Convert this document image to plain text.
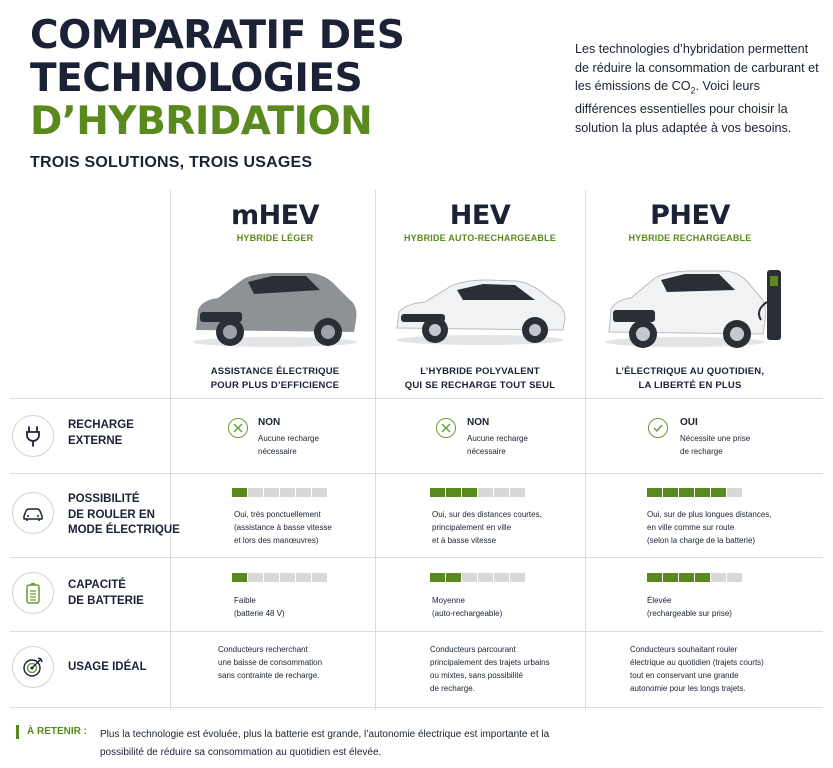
COMPARATIF DES
TECHNOLOGIES
D’HYBRIDATION
TROIS SOLUTIONS, TROIS USAGES
Les technologies d’hybridation permettent de réduire la consommation de carburant et les émissions de $CO_2$. Voici leurs différences essentielles pour choisir la solution la plus adaptée à vos besoins.
mHEV
HYBRIDE LÉGER
ASSISTANCE ÉLECTRIQUE
POUR PLUS D’EFFICIENCE
HEV
HYBRIDE AUTO-RECHARGEABLE
L’HYBRIDE POLYVALENT
QUI SE RECHARGE TOUT SEUL
PHEV
HYBRIDE RECHARGEABLE
L’ÉLECTRIQUE AU QUOTIDIEN,
LA LIBERTÉ EN PLUS
RECHARGE
EXTERNE
NON
Aucune recharge
nécessaire
NON
Aucune recharge
nécessaire
OUI
Nécessite une prise
de recharge
POSSIBILITÉ
DE ROULER EN
MODE ÉLECTRIQUE
Oui, très ponctuellement
(assistance à basse vitesse
et lors des manœuvres)
Oui, sur des distances courtes,
principalement en ville
et à basse vitesse
Oui, sur de plus longues distances,
en ville comme sur route
(selon la charge de la batterie)
CAPACITÉ
DE BATTERIE	Faible
(batterie 48 V)
Moyenne
(auto-rechargeable)
Élevée
(rechargeable sur prise)
USAGE IDÉAL
Conducteurs recherchant
une baisse de consommation
sans contrainte de recharge.
Conducteurs parcourant
principalement des trajets urbains
ou mixtes, sans possibilité
de recharge.
Conducteurs souhaitant rouler
électrique au quotidien (trajets courts)
tout en conservant une grande
autonomie pour les longs trajets.
À RETENIR : Plus la technologie est évoluée, plus la batterie est grande, l’autonomie électrique est importante et la possibilité de réduire sa consommation au quotidien est élevée.
